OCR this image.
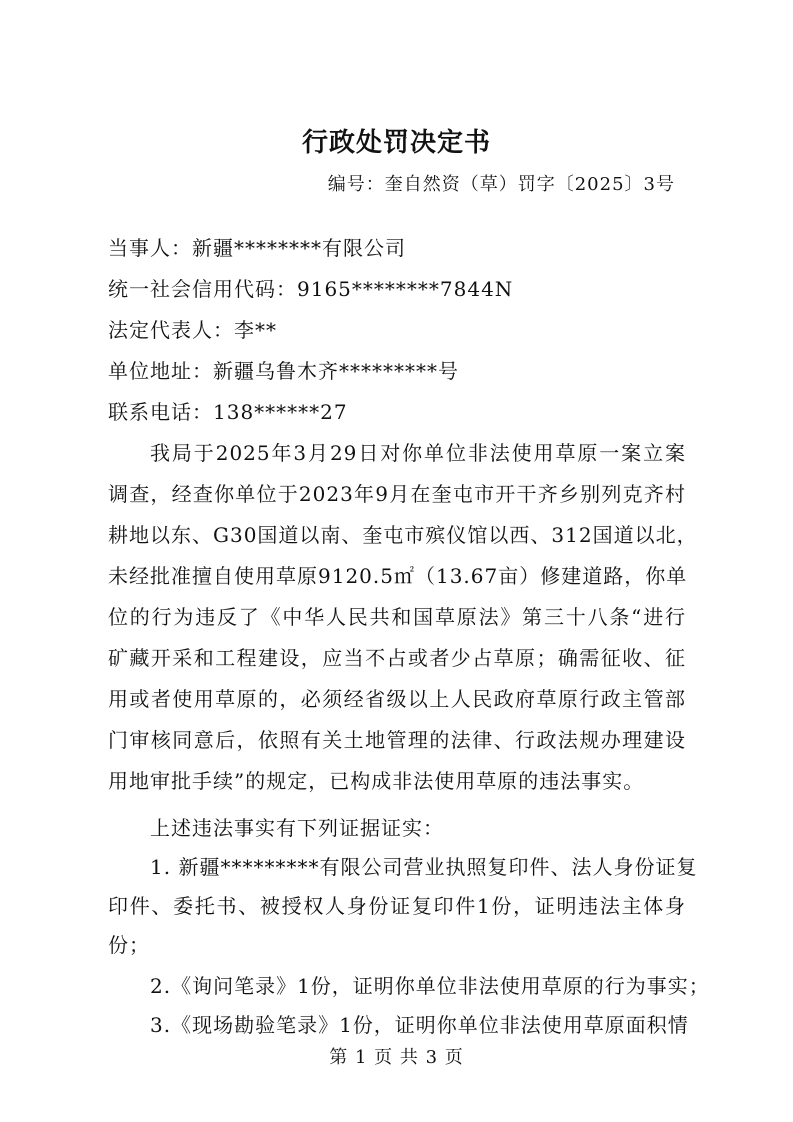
行政处罚决定书
编号：奎自然资（草）罚字〔2025〕3号
当事人：新疆********有限公司
统一社会信用代码：9165********7844N
法定代表人：李**
单位地址：新疆乌鲁木齐*********号
联系电话：138******27
我局于2025年3月29日对你单位非法使用草原一案立案
调查，经查你单位于2023年9月在奎屯市开干齐乡别列克齐村
耕地以东、G30国道以南、奎屯市殡仪馆以西、312国道以北，
未经批准擅自使用草原9120.5㎡（13.67亩）修建道路，你单
位的行为违反了《中华人民共和国草原法》第三十八条“进行
矿藏开采和工程建设，应当不占或者少占草原；确需征收、征
用或者使用草原的，必须经省级以上人民政府草原行政主管部
门审核同意后，依照有关土地管理的法律、行政法规办理建设
用地审批手续”的规定，已构成非法使用草原的违法事实。
上述违法事实有下列证据证实：
1. 新疆*********有限公司营业执照复印件、法人身份证复
印件、委托书、被授权人身份证复印件1份，证明违法主体身
份；
2.《询问笔录》1份，证明你单位非法使用草原的行为事实；
3.《现场勘验笔录》1份，证明你单位非法使用草原面积情
第 1 页 共 3 页
